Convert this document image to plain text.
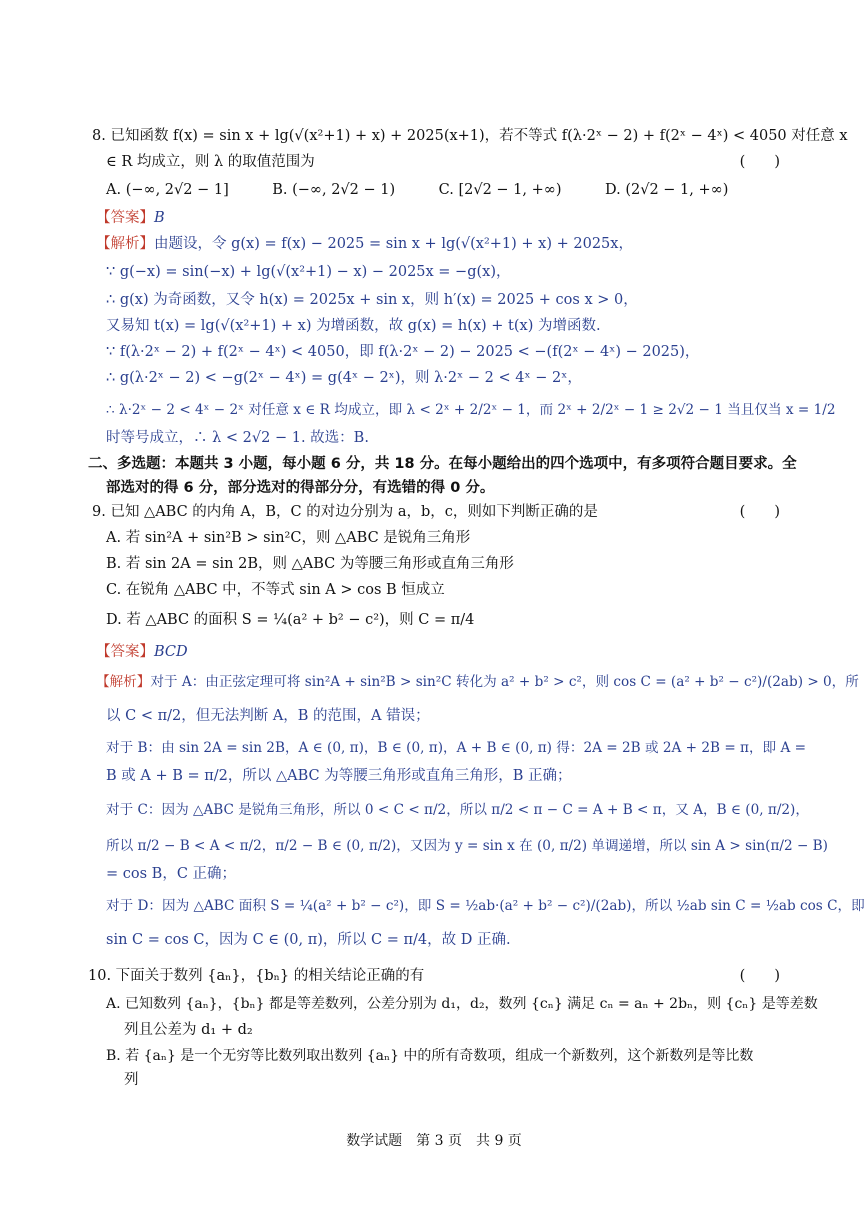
8. 已知函数 f(x) = sin x + lg(√(x²+1) + x) + 2025(x+1)，若不等式 f(λ·2ˣ − 2) + f(2ˣ − 4ˣ) < 4050 对任意 x
∈ R 均成立，则 λ 的取值范围为	(　　)
A. (−∞, 2√2 − 1]　　　B. (−∞, 2√2 − 1)　　　C. [2√2 − 1, +∞)　　　D. (2√2 − 1, +∞)
【答案】B
【解析】由题设，令 g(x) = f(x) − 2025 = sin x + lg(√(x²+1) + x) + 2025x，
∵ g(−x) = sin(−x) + lg(√(x²+1) − x) − 2025x = −g(x)，
∴ g(x) 为奇函数，又令 h(x) = 2025x + sin x，则 h′(x) = 2025 + cos x > 0，
又易知 t(x) = lg(√(x²+1) + x) 为增函数，故 g(x) = h(x) + t(x) 为增函数.
∵ f(λ·2ˣ − 2) + f(2ˣ − 4ˣ) < 4050，即 f(λ·2ˣ − 2) − 2025 < −(f(2ˣ − 4ˣ) − 2025)，
∴ g(λ·2ˣ − 2) < −g(2ˣ − 4ˣ) = g(4ˣ − 2ˣ)，则 λ·2ˣ − 2 < 4ˣ − 2ˣ，
∴ λ·2ˣ − 2 < 4ˣ − 2ˣ 对任意 x ∈ R 均成立，即 λ < 2ˣ + 2/2ˣ − 1，而 2ˣ + 2/2ˣ − 1 ≥ 2√2 − 1 当且仅当 x = 1/2
时等号成立，∴ λ < 2√2 − 1. 故选：B.
二、多选题：本题共 3 小题，每小题 6 分，共 18 分。在每小题给出的四个选项中，有多项符合题目要求。全
部选对的得 6 分，部分选对的得部分分，有选错的得 0 分。
9. 已知 △ABC 的内角 A，B，C 的对边分别为 a，b，c，则如下判断正确的是	(　　)
A. 若 sin²A + sin²B > sin²C，则 △ABC 是锐角三角形
B. 若 sin 2A = sin 2B，则 △ABC 为等腰三角形或直角三角形
C. 在锐角 △ABC 中，不等式 sin A > cos B 恒成立
D. 若 △ABC 的面积 S = ¼(a² + b² − c²)，则 C = π/4
【答案】BCD
【解析】对于 A：由正弦定理可将 sin²A + sin²B > sin²C 转化为 a² + b² > c²，则 cos C = (a² + b² − c²)/(2ab) > 0，所
以 C < π/2，但无法判断 A，B 的范围，A 错误；
对于 B：由 sin 2A = sin 2B，A ∈ (0, π)，B ∈ (0, π)，A + B ∈ (0, π) 得：2A = 2B 或 2A + 2B = π，即 A =
B 或 A + B = π/2，所以 △ABC 为等腰三角形或直角三角形，B 正确；
对于 C：因为 △ABC 是锐角三角形，所以 0 < C < π/2，所以 π/2 < π − C = A + B < π，又 A，B ∈ (0, π/2)，
所以 π/2 − B < A < π/2，π/2 − B ∈ (0, π/2)，又因为 y = sin x 在 (0, π/2) 单调递增，所以 sin A > sin(π/2 − B)
= cos B，C 正确；
对于 D：因为 △ABC 面积 S = ¼(a² + b² − c²)，即 S = ½ab·(a² + b² − c²)/(2ab)，所以 ½ab sin C = ½ab cos C，即
sin C = cos C，因为 C ∈ (0, π)，所以 C = π/4，故 D 正确.
10. 下面关于数列 {aₙ}，{bₙ} 的相关结论正确的有	(　　)
A. 已知数列 {aₙ}，{bₙ} 都是等差数列，公差分别为 d₁，d₂，数列 {cₙ} 满足 cₙ = aₙ + 2bₙ，则 {cₙ} 是等差数
列且公差为 d₁ + d₂
B. 若 {aₙ} 是一个无穷等比数列取出数列 {aₙ} 中的所有奇数项，组成一个新数列，这个新数列是等比数
列
数学试题　第 3 页　共 9 页
